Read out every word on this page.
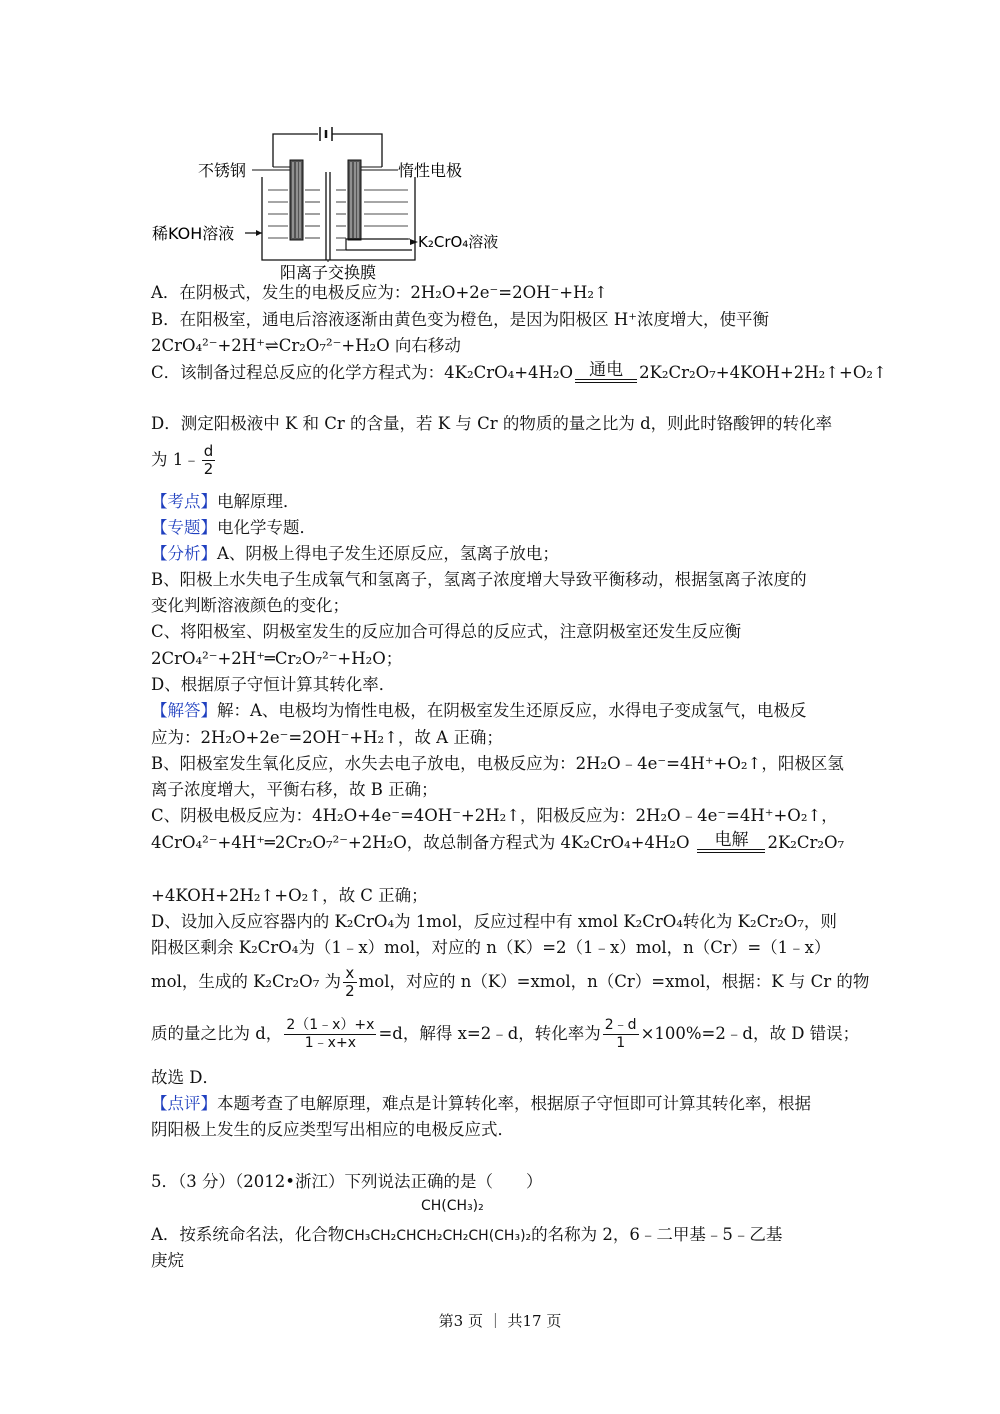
不锈钢	惰性电极
稀KOH溶液	K₂CrO₄溶液
阳离子交换膜
A．在阴极式，发生的电极反应为：2H₂O+2e⁻=2OH⁻+H₂↑
B．在阳极室，通电后溶液逐渐由黄色变为橙色，是因为阳极区 H⁺浓度增大，使平衡
2CrO₄²⁻+2H⁺⇌Cr₂O₇²⁻+H₂O 向右移动
C．该制备过程总反应的化学方程式为：4K₂CrO₄+4H₂O 通电 2K₂Cr₂O₇+4KOH+2H₂↑+O₂↑
D．测定阳极液中 K 和 Cr 的含量，若 K 与 Cr 的物质的量之比为 d，则此时铬酸钾的转化率
为 1﹣ $\frac{d}{2}$
【考点】电解原理．
【专题】电化学专题．
【分析】A、阴极上得电子发生还原反应，氢离子放电；
B、阳极上水失电子生成氧气和氢离子，氢离子浓度增大导致平衡移动，根据氢离子浓度的
变化判断溶液颜色的变化；
C、将阳极室、阴极室发生的反应加合可得总的反应式，注意阴极室还发生反应衡
2CrO₄²⁻+2H⁺═Cr₂O₇²⁻+H₂O；
D、根据原子守恒计算其转化率．
【解答】解：A、电极均为惰性电极，在阴极室发生还原反应，水得电子变成氢气，电极反
应为：2H₂O+2e⁻=2OH⁻+H₂↑，故 A 正确；
B、阳极室发生氧化反应，水失去电子放电，电极反应为：2H₂O﹣4e⁻=4H⁺+O₂↑，阳极区氢
离子浓度增大，平衡右移，故 B 正确；
C、阴极电极反应为：4H₂O+4e⁻=4OH⁻+2H₂↑，阳极反应为：2H₂O﹣4e⁻=4H⁺+O₂↑，
4CrO₄²⁻+4H⁺═2Cr₂O₇²⁻+2H₂O，故总制备方程式为 4K₂CrO₄+4H₂O	电解	2K₂Cr₂O₇
+4KOH+2H₂↑+O₂↑，故 C 正确；
D、设加入反应容器内的 K₂CrO₄为 1mol，反应过程中有 xmol K₂CrO₄转化为 K₂Cr₂O₇，则
阳极区剩余 K₂CrO₄为（1﹣x）mol，对应的 n（K）=2（1﹣x）mol，n（Cr）=（1﹣x）
mol，生成的 K₂Cr₂O₇ 为 $\frac{x}{2}$ mol，对应的 n（K）=xmol，n（Cr）=xmol，根据：K 与 Cr 的物
质的量之比为 d， $\frac{2(1﹣x)+x}{1﹣x+x} =d$，解得 x=2﹣d，转化率为 $\frac{2﹣d}{1}$ ×100%=2﹣d，故 D 错误；
故选 D．
【点评】本题考查了电解原理，难点是计算转化率，根据原子守恒即可计算其转化率，根据
阴阳极上发生的反应类型写出相应的电极反应式．
5．（3 分）（2012•浙江）下列说法正确的是（　　）
CH(CH₃)₂
A．按系统命名法，化合物CH₃CH₂CHCH₂CH₂CH(CH₃)₂的名称为 2，6﹣二甲基﹣5﹣乙基
庚烷
第3 页 ｜ 共17 页
